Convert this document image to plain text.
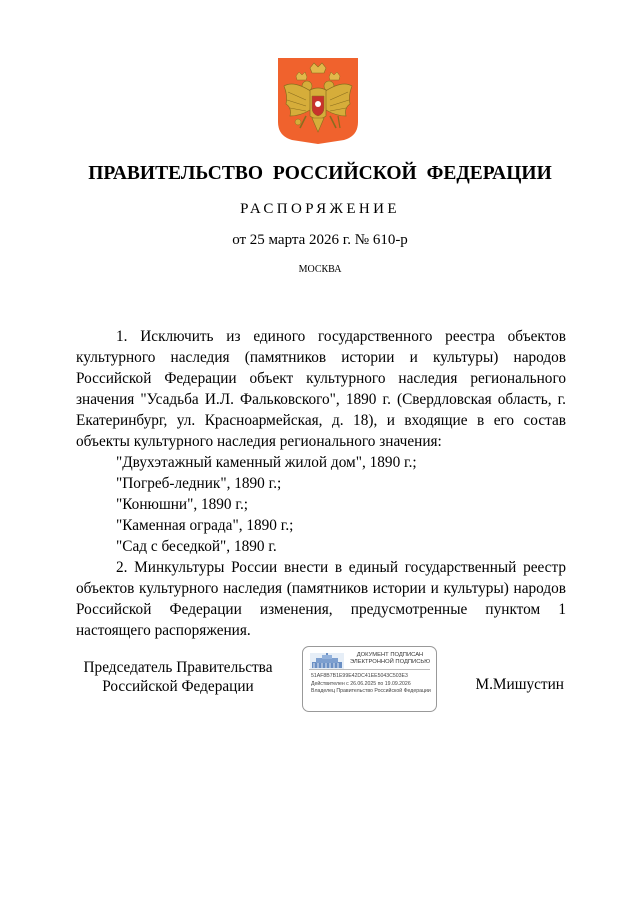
ПРАВИТЕЛЬСТВО РОССИЙСКОЙ ФЕДЕРАЦИИ
РАСПОРЯЖЕНИЕ
от 25 марта 2026 г. № 610-р
МОСКВА

1. Исключить из единого государственного реестра объектов культурного наследия (памятников истории и культуры) народов Российской Федерации объект культурного наследия регионального значения "Усадьба И.Л. Фальковского", 1890 г. (Свердловская область, г. Екатеринбург, ул. Красноармейская, д. 18), и входящие в его состав объекты культурного наследия регионального значения:

"Двухэтажный каменный жилой дом", 1890 г.;

"Погреб-ледник", 1890 г.;

"Конюшни", 1890 г.;

"Каменная ограда", 1890 г.;

"Сад с беседкой", 1890 г.

2. Минкультуры России внести в единый государственный реестр объектов культурного наследия (памятников истории и культуры) народов Российской Федерации изменения, предусмотренные пунктом 1 настоящего распоряжения.

Председатель Правительства
Российской Федерации
ДОКУМЕНТ ПОДПИСАН
ЭЛЕКТРОННОЙ ПОДПИСЬЮ
51AF8B7B1E99E42DC41EE5043C503E3
Действителен с 26.06.2025 по 19.09.2026
Владелец Правительство Российской Федерации	М.Мишустин
